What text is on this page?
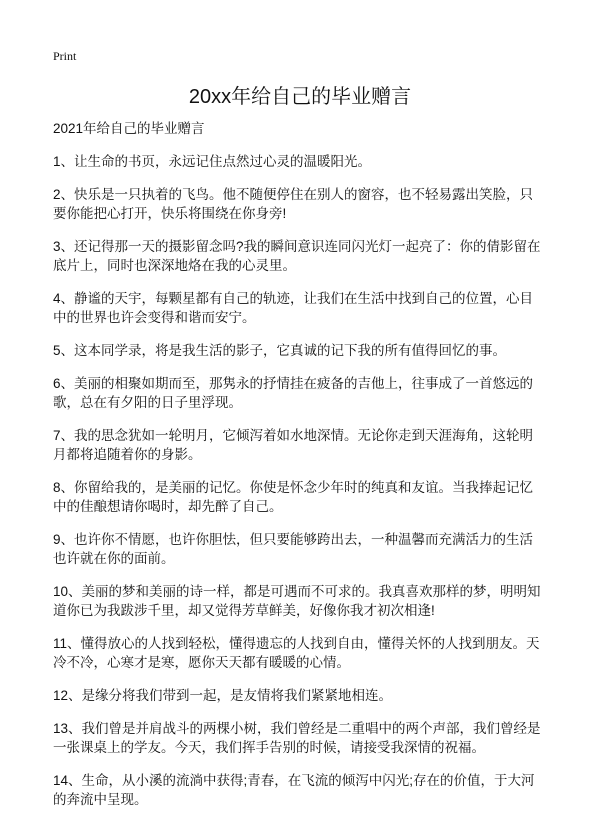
Print
20xx年给自己的毕业赠言
2021年给自己的毕业赠言
1、让生命的书页，永远记住点然过心灵的温暖阳光。
2、快乐是一只执着的飞鸟。他不随便停住在别人的窗容，也不轻易露出笑脸，只
要你能把心打开，快乐将围绕在你身旁!
3、还记得那一天的摄影留念吗?我的瞬间意识连同闪光灯一起亮了：你的倩影留在
底片上，同时也深深地烙在我的心灵里。
4、静谧的天宇，每颗星都有自己的轨迹，让我们在生活中找到自己的位置，心目
中的世界也许会变得和谐而安宁。
5、这本同学录，将是我生活的影子，它真诚的记下我的所有值得回忆的事。
6、美丽的相聚如期而至，那隽永的抒情挂在疲备的吉他上，往事成了一首悠远的
歌，总在有夕阳的日子里浮现。
7、我的思念犹如一轮明月，它倾泻着如水地深情。无论你走到天涯海角，这轮明
月都将追随着你的身影。
8、你留给我的，是美丽的记忆。你使是怀念少年时的纯真和友谊。当我捧起记忆
中的佳酿想请你喝时，却先醉了自己。
9、也许你不情愿，也许你胆怯，但只要能够跨出去，一种温馨而充满活力的生活
也许就在你的面前。
10、美丽的梦和美丽的诗一样，都是可遇而不可求的。我真喜欢那样的梦，明明知
道你已为我跋涉千里，却又觉得芳草鲜美，好像你我才初次相逢!
11、懂得放心的人找到轻松，懂得遗忘的人找到自由，懂得关怀的人找到朋友。天
冷不冷，心寒才是寒，愿你天天都有暖暖的心情。
12、是缘分将我们带到一起，是友情将我们紧紧地相连。
13、我们曾是并肩战斗的两棵小树，我们曾经是二重唱中的两个声部，我们曾经是
一张课桌上的学友。今天，我们挥手告别的时候，请接受我深情的祝福。
14、生命，从小溪的流淌中获得;青春，在飞流的倾泻中闪光;存在的价值，于大河
的奔流中呈现。
